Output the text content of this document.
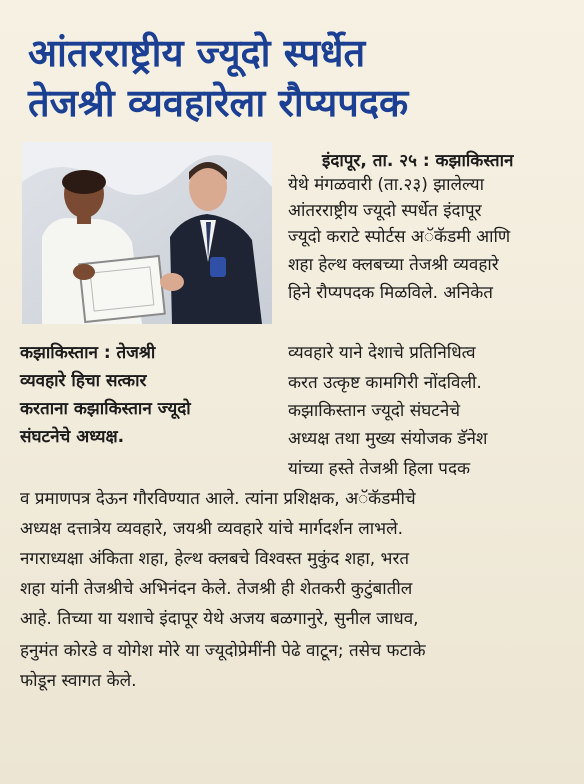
आंतरराष्ट्रीय ज्यूदो स्पर्धेत
तेजश्री व्यवहारेला रौप्यपदक

कझाकिस्तान : तेजश्री

व्यवहारे हिचा सत्कार

करताना कझाकिस्तान ज्यूदो

संघटनेचे अध्यक्ष.

इंदापूर, ता. २५ : कझाकिस्तान

येथे मंगळवारी (ता.२३) झालेल्या

आंतरराष्ट्रीय ज्यूदो स्पर्धेत इंदापूर

ज्यूदो कराटे स्पोर्टस अॅकॅडमी आणि

शहा हेल्थ क्लबच्या तेजश्री व्यवहारे

हिने रौप्यपदक मिळविले. अनिकेत

व्यवहारे याने देशाचे प्रतिनिधित्व

करत उत्कृष्ट कामगिरी नोंदविली.

कझाकिस्तान ज्यूदो संघटनेचे

अध्यक्ष तथा मुख्य संयोजक डॅनेश

यांच्या हस्ते तेजश्री हिला पदक

व प्रमाणपत्र देऊन गौरविण्यात आले. त्यांना प्रशिक्षक, अॅकॅडमीचे

अध्यक्ष दत्तात्रेय व्यवहारे, जयश्री व्यवहारे यांचे मार्गदर्शन लाभले.

नगराध्यक्षा अंकिता शहा, हेल्थ क्लबचे विश्वस्त मुकुंद शहा, भरत

शहा यांनी तेजश्रीचे अभिनंदन केले. तेजश्री ही शेतकरी कुटुंबातील

आहे. तिच्या या यशाचे इंदापूर येथे अजय बळगानुरे, सुनील जाधव,

हनुमंत कोरडे व योगेश मोरे या ज्यूदोप्रेमींनी पेढे वाटून; तसेच फटाके

फोडून स्वागत केले.
